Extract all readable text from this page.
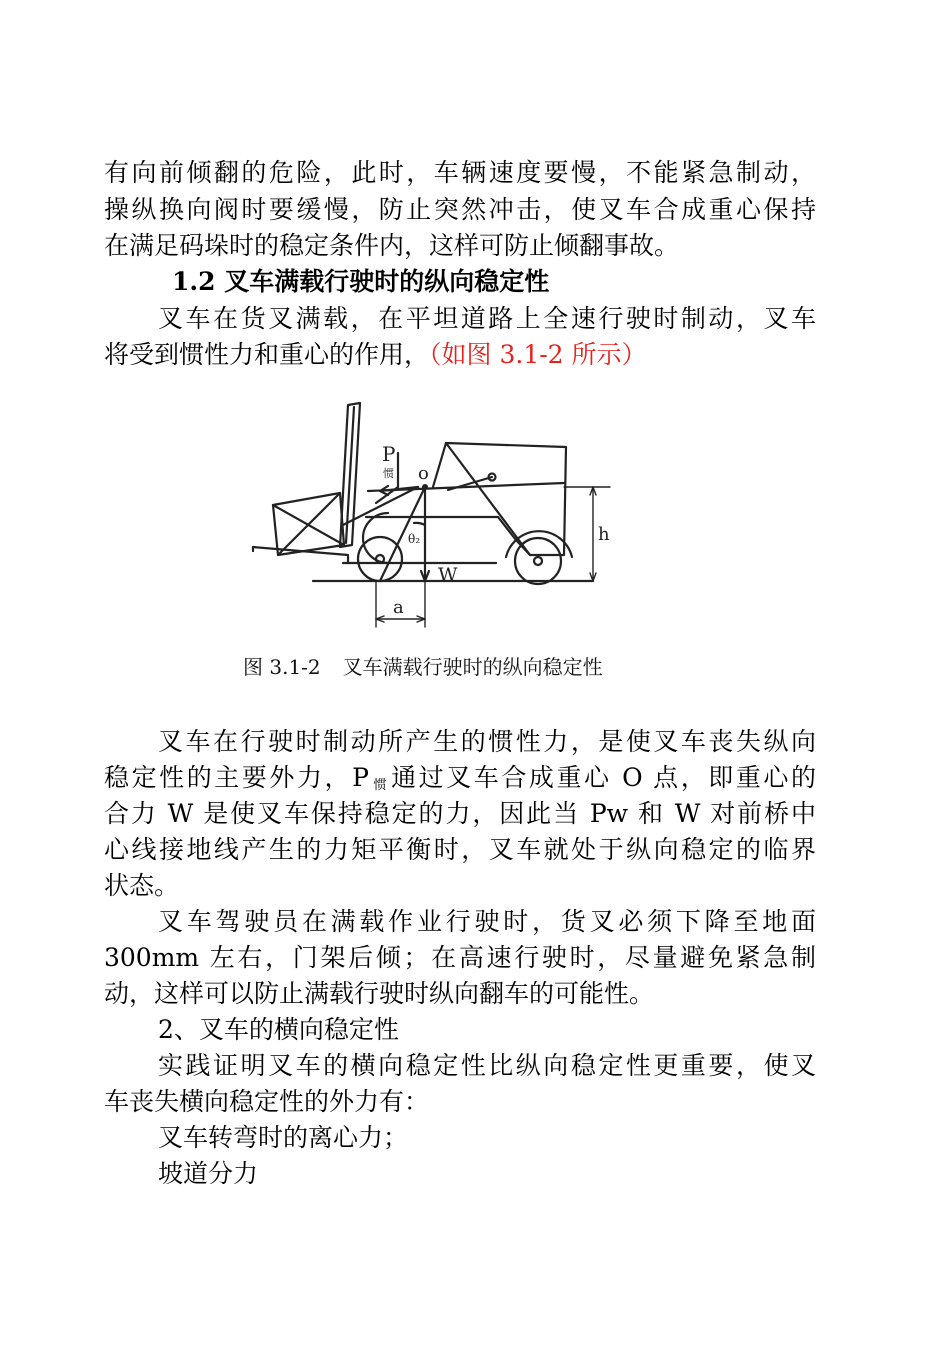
有向前倾翻的危险，此时，车辆速度要慢，不能紧急制动，
操纵换向阀时要缓慢，防止突然冲击，使叉车合成重心保持
在满足码垛时的稳定条件内，这样可防止倾翻事故。
1.2 叉车满载行驶时的纵向稳定性
叉车在货叉满载，在平坦道路上全速行驶时制动，叉车
将受到惯性力和重心的作用，（如图 3.1-2 所示）
P
惯 o
h
θ₂
W
a
图 3.1-2 叉车满载行驶时的纵向稳定性
叉车在行驶时制动所产生的惯性力，是使叉车丧失纵向
稳定性的主要外力，P $_惯$通过叉车合成重心 O 点，即重心的
合力 W 是使叉车保持稳定的力，因此当 Pw 和 W 对前桥中
心线接地线产生的力矩平衡时，叉车就处于纵向稳定的临界
状态。
叉车驾驶员在满载作业行驶时，货叉必须下降至地面
300mm 左右，门架后倾；在高速行驶时，尽量避免紧急制
动，这样可以防止满载行驶时纵向翻车的可能性。
2、叉车的横向稳定性
实践证明叉车的横向稳定性比纵向稳定性更重要，使叉
车丧失横向稳定性的外力有：
叉车转弯时的离心力；
坡道分力
